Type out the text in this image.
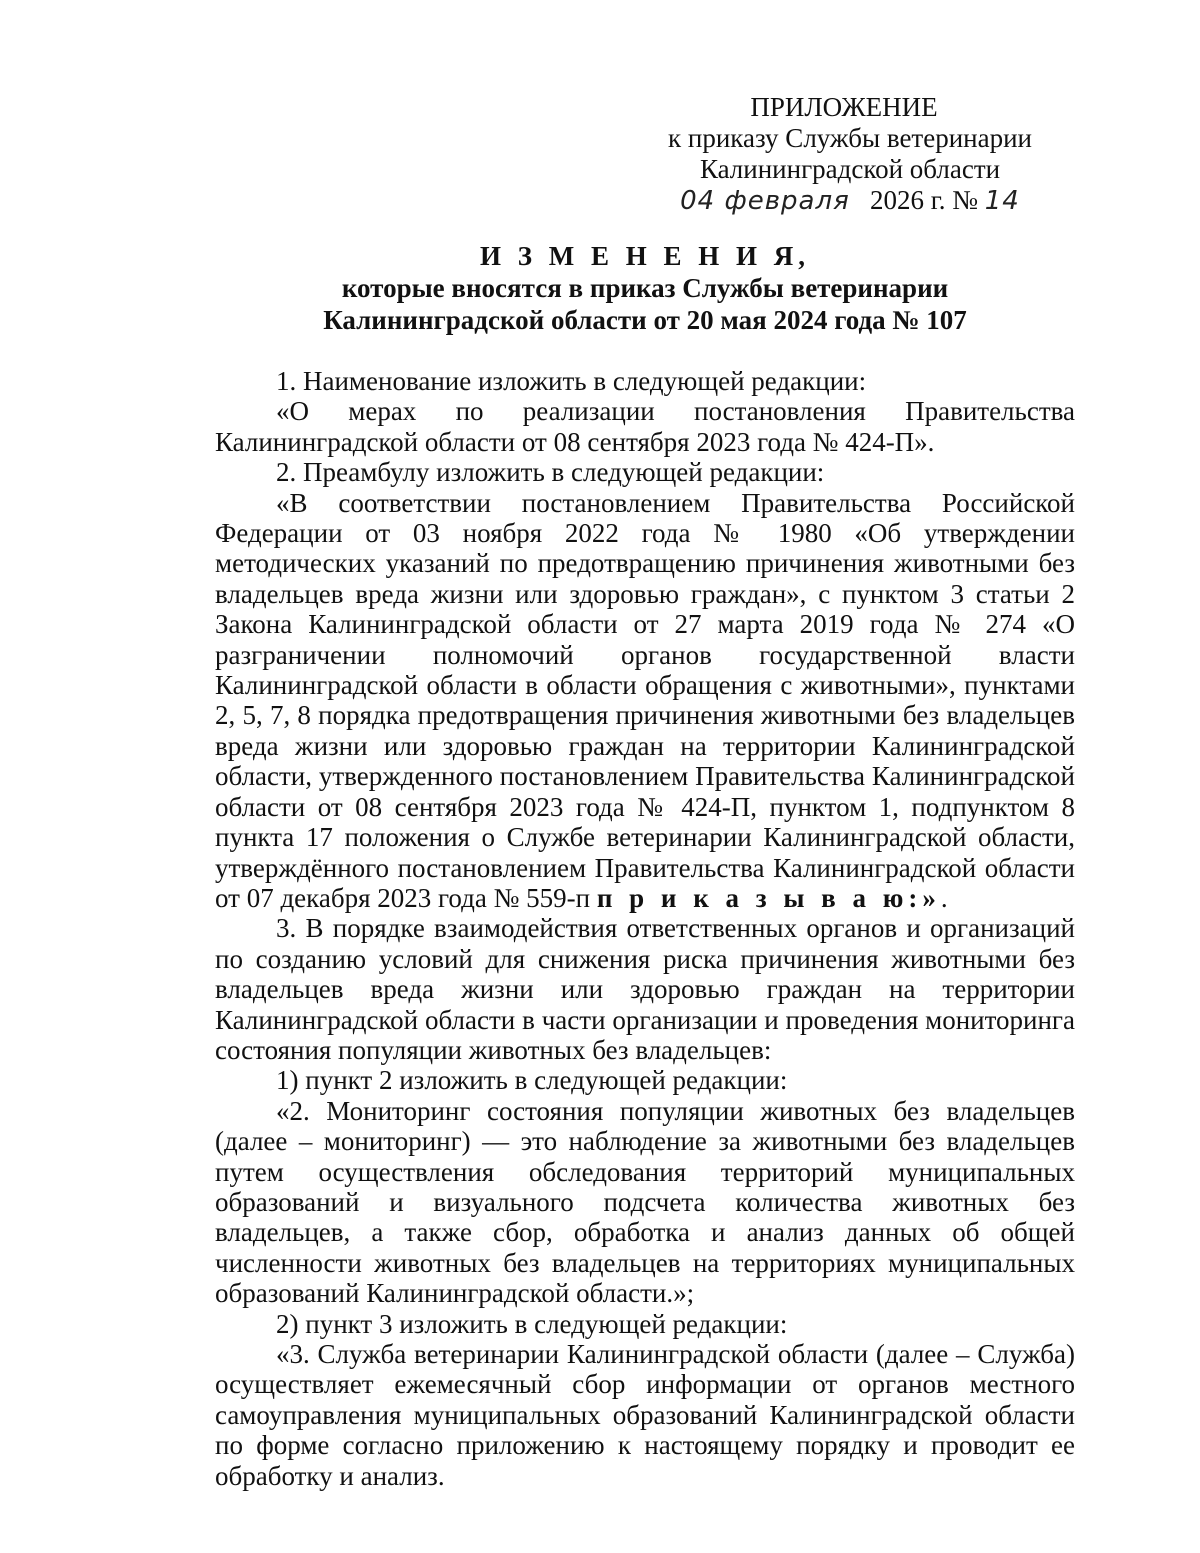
ПРИЛОЖЕНИЕ
к приказу Службы ветеринарии
Калининградской области
04 февраля 2026 г. № 14
И З М Е Н Е Н И Я,
которые вносятся в приказ Службы ветеринарии
Калининградской области от 20 мая 2024 года № 107

1. Наименование изложить в следующей редакции:

«О мерах по реализации постановления Правительства Калининградской области от 08 сентября 2023 года № 424-П».

2. Преамбулу изложить в следующей редакции:

«В соответствии постановлением Правительства Российской Федерации от 03 ноября 2022 года № 1980 «Об утверждении методических указаний по предотвращению причинения животными без владельцев вреда жизни или здоровью граждан», с пунктом 3 статьи 2 Закона Калининградской области от 27 марта 2019 года № 274 «О разграничении полномочий органов государственной власти Калининградской области в области обращения с животными», пунктами 2, 5, 7, 8 порядка предотвращения причинения животными без владельцев вреда жизни или здоровью граждан на территории Калининградской области, утвержденного постановлением Правительства Калининградской области от 08 сентября 2023 года № 424-П, пунктом 1, подпунктом 8 пункта 17 положения о Службе ветеринарии Калининградской области, утверждённого постановлением Правительства Калининградской области от 07 декабря 2023 года № 559-п п р и к а з ы в а ю:».

3. В порядке взаимодействия ответственных органов и организаций по созданию условий для снижения риска причинения животными без владельцев вреда жизни или здоровью граждан на территории Калининградской области в части организации и проведения мониторинга состояния популяции животных без владельцев:

1) пункт 2 изложить в следующей редакции:

«2. Мониторинг состояния популяции животных без владельцев (далее – мониторинг) — это наблюдение за животными без владельцев путем осуществления обследования территорий муниципальных образований и визуального подсчета количества животных без владельцев, а также сбор, обработка и анализ данных об общей численности животных без владельцев на территориях муниципальных образований Калининградской области.»;

2) пункт 3 изложить в следующей редакции:

«3. Служба ветеринарии Калининградской области (далее – Служба) осуществляет ежемесячный сбор информации от органов местного самоуправления муниципальных образований Калининградской области по форме согласно приложению к настоящему порядку и проводит ее обработку и анализ.
